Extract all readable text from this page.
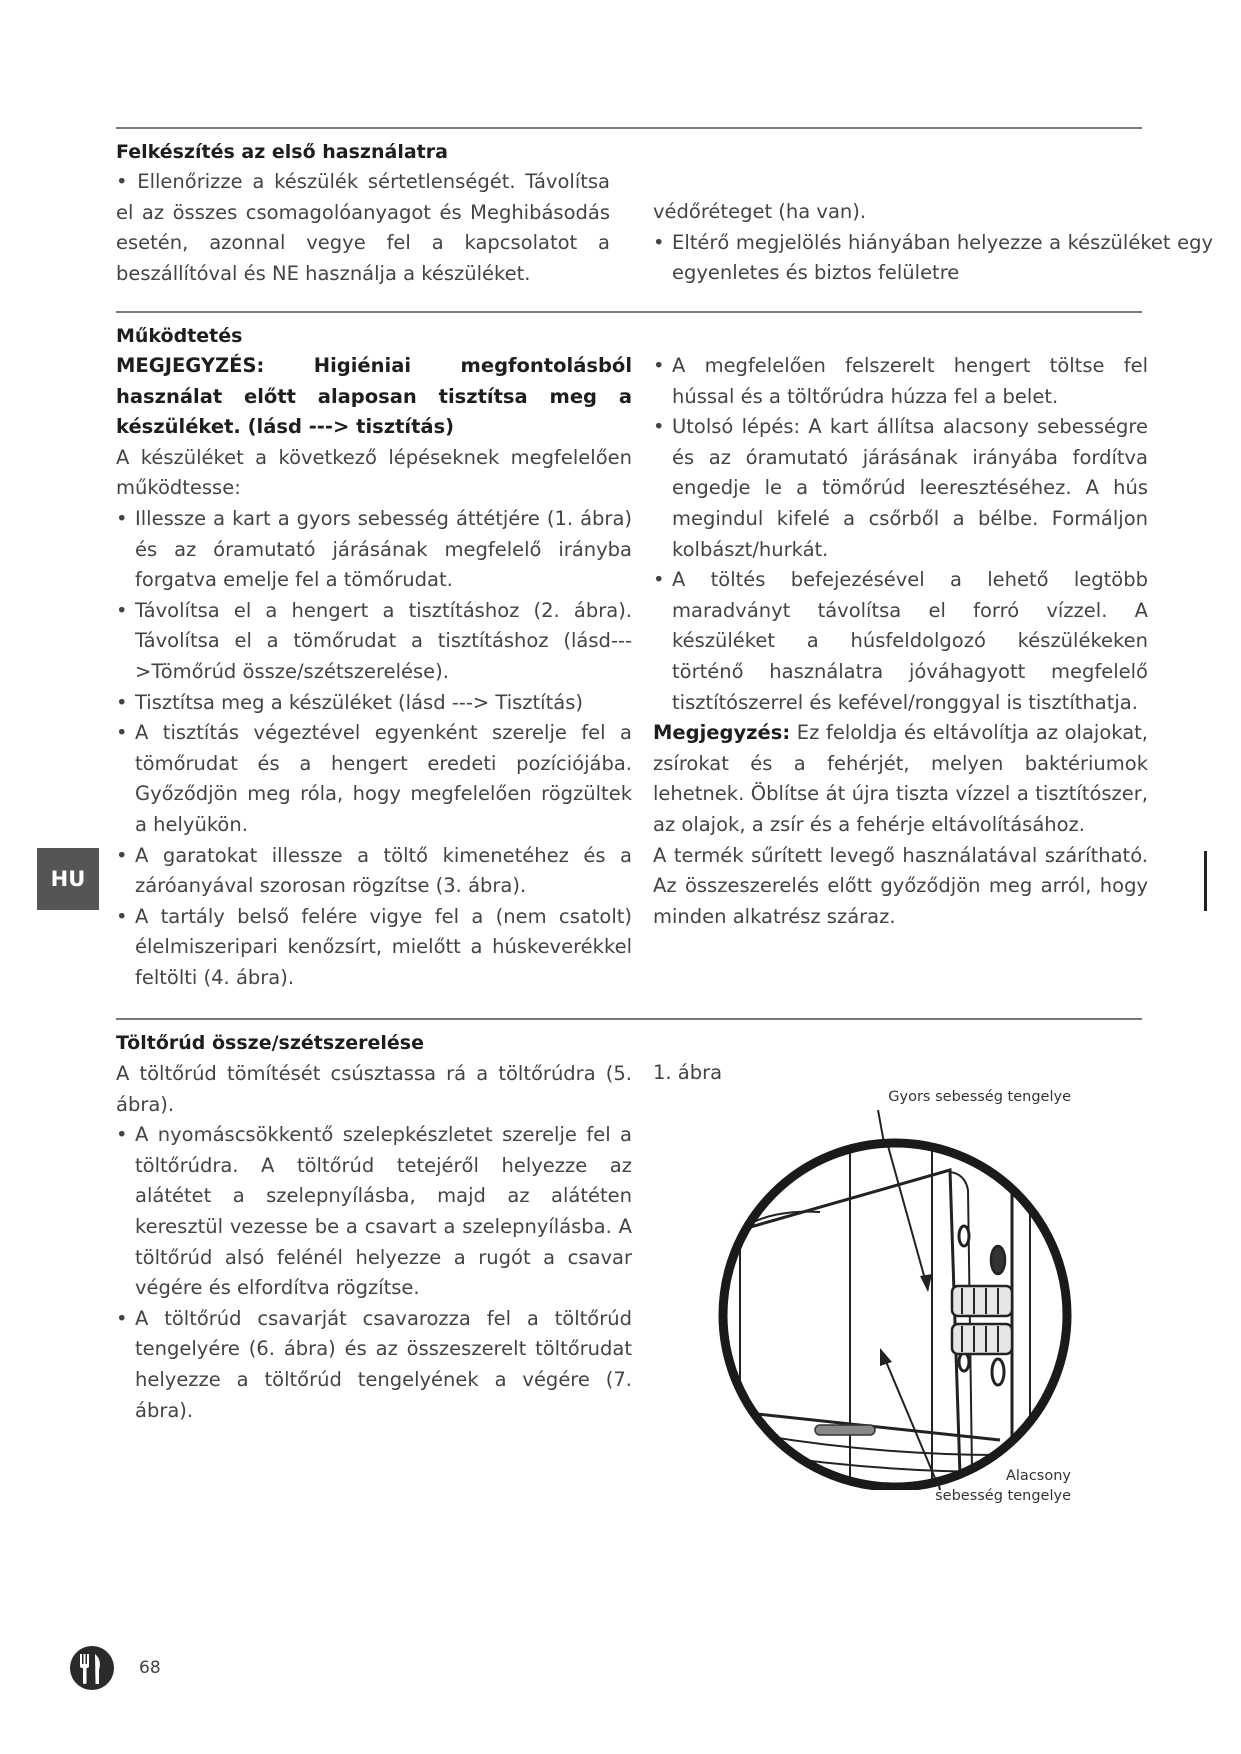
Felkészítés az első használatra

• Ellenőrizze a készülék sértetlenségét. Távolítsa el az összes csomagolóanyagot és Meghibásodás esetén, azonnal vegye fel a kapcsolatot a beszállítóval és NE használja a készüléket.

védőréteget (ha van).

• Eltérő megjelölés hiányában helyezze a készüléket egy egyenletes és biztos felületre

Működtetés

MEGJEGYZÉS: Higiéniai megfontolásból használat előtt alaposan tisztítsa meg a készüléket. (lásd ---> tisztítás)

A készüléket a következő lépéseknek megfelelően működtesse:

• Illessze a kart a gyors sebesség áttétjére (1. ábra) és az óramutató járásának megfelelő irányba forgatva emelje fel a tömőrudat.

• Távolítsa el a hengert a tisztításhoz (2. ábra). Távolítsa el a tömőrudat a tisztításhoz (lásd--->Tömőrúd össze/szétszerelése).

• Tisztítsa meg a készüléket (lásd ---> Tisztítás)

• A tisztítás végeztével egyenként szerelje fel a tömőrudat és a hengert eredeti pozíciójába. Győződjön meg róla, hogy megfelelően rögzültek a helyükön.

• A garatokat illessze a töltő kimenetéhez és a záróanyával szorosan rögzítse (3. ábra).

• A tartály belső felére vigye fel a (nem csatolt) élelmiszeripari kenőzsírt, mielőtt a húskeverékkel feltölti (4. ábra).

• A megfelelően felszerelt hengert töltse fel hússal és a töltőrúdra húzza fel a belet.

• Utolsó lépés: A kart állítsa alacsony sebességre és az óramutató járásának irányába fordítva engedje le a tömőrúd leeresztéséhez. A hús megindul kifelé a csőrből a bélbe. Formáljon kolbászt/hurkát.

• A töltés befejezésével a lehető legtöbb maradványt távolítsa el forró vízzel. A készüléket a húsfeldolgozó készülékeken történő használatra jóváhagyott megfelelő tisztítószerrel és kefével/ronggyal is tisztíthatja.

Megjegyzés: Ez feloldja és eltávolítja az olajokat, zsírokat és a fehérjét, melyen baktériumok lehetnek. Öblítse át újra tiszta vízzel a tisztítószer, az olajok, a zsír és a fehérje eltávolításához.

A termék sűrített levegő használatával szárítható. Az összeszerelés előtt győződjön meg arról, hogy minden alkatrész száraz.

Töltőrúd össze/szétszerelése

A töltőrúd tömítését csúsztassa rá a töltőrúdra (5. ábra).

• A nyomáscsökkentő szelepkészletet szerelje fel a töltőrúdra. A töltőrúd tetejéről helyezze az alátétet a szelepnyílásba, majd az alátéten keresztül vezesse be a csavart a szelepnyílásba. A töltőrúd alsó felénél helyezze a rugót a csavar végére és elfordítva rögzítse.

• A töltőrúd csavarját csavarozza fel a töltőrúd tengelyére (6. ábra) és az összeszerelt töltőrudat helyezze a töltőrúd tengelyének a végére (7. ábra).

1. ábra
Gyors sebesség tengelye
Alacsony
sebesség tengelye
HU
68
